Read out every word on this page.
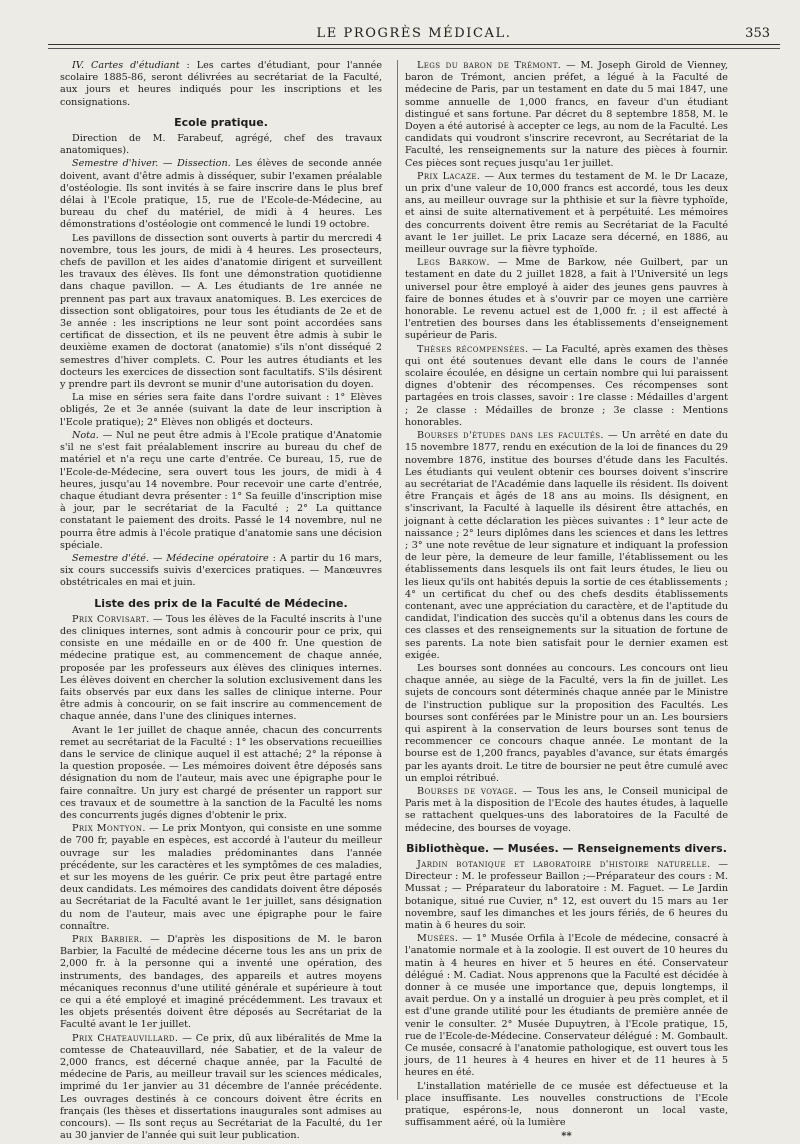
LE PROGRÈS MÉDICAL.	353

IV. Cartes d'étudiant : Les cartes d'étudiant, pour l'année scolaire 1885-86, seront délivrées au secrétariat de la Faculté, aux jours et heures indiqués pour les inscriptions et les consignations.

Ecole pratique.

Direction de M. Farabeuf, agrégé, chef des travaux anatomiques).

Semestre d'hiver. — Dissection. Les élèves de seconde année doivent, avant d'être admis à disséquer, subir l'examen préalable d'ostéologie. Ils sont invités à se faire inscrire dans le plus bref délai à l'Ecole pratique, 15, rue de l'Ecole-de-Médecine, au bureau du chef du matériel, de midi à 4 heures. Les démonstrations d'ostéologie ont commencé le lundi 19 octobre.

Les pavillons de dissection sont ouverts à partir du mercredi 4 novembre, tous les jours, de midi à 4 heures. Les prosecteurs, chefs de pavillon et les aides d'anatomie dirigent et surveillent les travaux des élèves. Ils font une démonstration quotidienne dans chaque pavillon. — A. Les étudiants de 1re année ne prennent pas part aux travaux anatomiques. B. Les exercices de dissection sont obligatoires, pour tous les étudiants de 2e et de 3e année : les inscriptions ne leur sont point accordées sans certificat de dissection, et ils ne peuvent être admis à subir le deuxième examen de doctorat (anatomie) s'ils n'ont disséqué 2 semestres d'hiver complets. C. Pour les autres étudiants et les docteurs les exercices de dissection sont facultatifs. S'ils désirent y prendre part ils devront se munir d'une autorisation du doyen.

La mise en séries sera faite dans l'ordre suivant : 1° Elèves obligés, 2e et 3e année (suivant la date de leur inscription à l'Ecole pratique); 2° Elèves non obligés et docteurs.

Nota. — Nul ne peut être admis à l'Ecole pratique d'Anatomie s'il ne s'est fait préalablement inscrire au bureau du chef de matériel et n'a reçu une carte d'entrée. Ce bureau, 15, rue de l'Ecole-de-Médecine, sera ouvert tous les jours, de midi à 4 heures, jusqu'au 14 novembre. Pour recevoir une carte d'entrée, chaque étudiant devra présenter : 1° Sa feuille d'inscription mise à jour, par le secrétariat de la Faculté ; 2° La quittance constatant le paiement des droits. Passé le 14 novembre, nul ne pourra être admis à l'école pratique d'anatomie sans une décision spéciale.

Semestre d'été. — Médecine opératoire : A partir du 16 mars, six cours successifs suivis d'exercices pratiques. — Manœuvres obstétricales en mai et juin.

Liste des prix de la Faculté de Médecine.

Prix Corvisart. — Tous les élèves de la Faculté inscrits à l'une des cliniques internes, sont admis à concourir pour ce prix, qui consiste en une médaille en or de 400 fr. Une question de médecine pratique est, au commencement de chaque année, proposée par les professeurs aux élèves des cliniques internes. Les élèves doivent en chercher la solution exclusivement dans les faits observés par eux dans les salles de clinique interne. Pour être admis à concourir, on se fait inscrire au commencement de chaque année, dans l'une des cliniques internes.

Avant le 1er juillet de chaque année, chacun des concurrents remet au secrétariat de la Faculté : 1° les observations recueillies dans le service de clinique auquel il est attaché; 2° la réponse à la question proposée. — Les mémoires doivent être déposés sans désignation du nom de l'auteur, mais avec une épigraphe pour le faire connaître. Un jury est chargé de présenter un rapport sur ces travaux et de soumettre à la sanction de la Faculté les noms des concurrents jugés dignes d'obtenir le prix.

Prix Montyon. — Le prix Montyon, qui consiste en une somme de 700 fr, payable en espèces, est accordé à l'auteur du meilleur ouvrage sur les maladies prédominantes dans l'année précédente, sur les caractères et les symptômes de ces maladies, et sur les moyens de les guérir. Ce prix peut être partagé entre deux candidats. Les mémoires des candidats doivent être déposés au Secrétariat de la Faculté avant le 1er juillet, sans désignation du nom de l'auteur, mais avec une épigraphe pour le faire connaître.

Prix Barbier. — D'après les dispositions de M. le baron Barbier, la Faculté de médecine décerne tous les ans un prix de 2,000 fr. à la personne qui a inventé une opération, des instruments, des bandages, des appareils et autres moyens mécaniques reconnus d'une utilité générale et supérieure à tout ce qui a été employé et imaginé précédemment. Les travaux et les objets présentés doivent être déposés au Secrétariat de la Faculté avant le 1er juillet.

Prix Chateauvillard. — Ce prix, dû aux libéralités de Mme la comtesse de Chateauvillard, née Sabatier, et de la valeur de 2,000 francs, est décerné chaque année, par la Faculté de médecine de Paris, au meilleur travail sur les sciences médicales, imprimé du 1er janvier au 31 décembre de l'année précédente. Les ouvrages destinés à ce concours doivent être écrits en français (les thèses et dissertations inaugurales sont admises au concours). — Ils sont reçus au Secrétariat de la Faculté, du 1er au 30 janvier de l'année qui suit leur publication.

Legs du baron de Trémont. — M. Joseph Girold de Vienney, baron de Trémont, ancien préfet, a légué à la Faculté de médecine de Paris, par un testament en date du 5 mai 1847, une somme annuelle de 1,000 francs, en faveur d'un étudiant distingué et sans fortune. Par décret du 8 septembre 1858, M. le Doyen a été autorisé à accepter ce legs, au nom de la Faculté. Les candidats qui voudront s'inscrire recevront, au Secrétariat de la Faculté, les renseignements sur la nature des pièces à fournir. Ces pièces sont reçues jusqu'au 1er juillet.

Prix Lacaze. — Aux termes du testament de M. le Dr Lacaze, un prix d'une valeur de 10,000 francs est accordé, tous les deux ans, au meilleur ouvrage sur la phthisie et sur la fièvre typhoïde, et ainsi de suite alternativement et à perpétuité. Les mémoires des concurrents doivent être remis au Secrétariat de la Faculté avant le 1er juillet. Le prix Lacaze sera décerné, en 1886, au meilleur ouvrage sur la fièvre typhoïde.

Legs Barkow. — Mme de Barkow, née Guilbert, par un testament en date du 2 juillet 1828, a fait à l'Université un legs universel pour être employé à aider des jeunes gens pauvres à faire de bonnes études et à s'ouvrir par ce moyen une carrière honorable. Le revenu actuel est de 1,000 fr. ; il est affecté à l'entretien des bourses dans les établissements d'enseignement supérieur de Paris.

Thèses récompensées. — La Faculté, après examen des thèses qui ont été soutenues devant elle dans le cours de l'année scolaire écoulée, en désigne un certain nombre qui lui paraissent dignes d'obtenir des récompenses. Ces récompenses sont partagées en trois classes, savoir : 1re classe : Médailles d'argent ; 2e classe : Médailles de bronze ; 3e classe : Mentions honorables.

Bourses d'études dans les facultés. — Un arrêté en date du 15 novembre 1877, rendu en exécution de la loi de finances du 29 novembre 1876, institue des bourses d'étude dans les Facultés. Les étudiants qui veulent obtenir ces bourses doivent s'inscrire au secrétariat de l'Académie dans laquelle ils résident. Ils doivent être Français et âgés de 18 ans au moins. Ils désignent, en s'inscrivant, la Faculté à laquelle ils désirent être attachés, en joignant à cette déclaration les pièces suivantes : 1° leur acte de naissance ; 2° leurs diplômes dans les sciences et dans les lettres ; 3° une note revêtue de leur signature et indiquant la profession de leur père, la demeure de leur famille, l'établissement ou les établissements dans lesquels ils ont fait leurs études, le lieu ou les lieux qu'ils ont habités depuis la sortie de ces établissements ; 4° un certificat du chef ou des chefs desdits établissements contenant, avec une appréciation du caractère, et de l'aptitude du candidat, l'indication des succès qu'il a obtenus dans les cours de ces classes et des renseignements sur la situation de fortune de ses parents. La note bien satisfait pour le dernier examen est exigée.

Les bourses sont données au concours. Les concours ont lieu chaque année, au siège de la Faculté, vers la fin de juillet. Les sujets de concours sont déterminés chaque année par le Ministre de l'instruction publique sur la proposition des Facultés. Les bourses sont conférées par le Ministre pour un an. Les boursiers qui aspirent à la conservation de leurs bourses sont tenus de recommencer ce concours chaque année. Le montant de la bourse est de 1,200 francs, payables d'avance, sur états émargés par les ayants droit. Le titre de boursier ne peut être cumulé avec un emploi rétribué.

Bourses de voyage. — Tous les ans, le Conseil municipal de Paris met à la disposition de l'Ecole des hautes études, à laquelle se rattachent quelques-uns des laboratoires de la Faculté de médecine, des bourses de voyage.

Bibliothèque. — Musées. — Renseignements divers.

Jardin botanique et laboratoire d'histoire naturelle. — Directeur : M. le professeur Baillon ;—Préparateur des cours : M. Mussat ; — Préparateur du laboratoire : M. Faguet. — Le Jardin botanique, situé rue Cuvier, n° 12, est ouvert du 15 mars au 1er novembre, sauf les dimanches et les jours fériés, de 6 heures du matin à 6 heures du soir.

Musées. — 1° Musée Orfila à l'Ecole de médecine, consacré à l'anatomie normale et à la zoologie. Il est ouvert de 10 heures du matin à 4 heures en hiver et 5 heures en été. Conservateur délégué : M. Cadiat. Nous apprenons que la Faculté est décidée à donner à ce musée une importance que, depuis longtemps, il avait perdue. On y a installé un droguier à peu près complet, et il est d'une grande utilité pour les étudiants de première année de venir le consulter. 2° Musée Dupuytren, à l'Ecole pratique, 15, rue de l'Ecole-de-Médecine. Conservateur délégué : M. Gombault. Ce musée, consacré à l'anatomie pathologique, est ouvert tous les jours, de 11 heures à 4 heures en hiver et de 11 heures à 5 heures en été.

L'installation matérielle de ce musée est défectueuse et la place insuffisante. Les nouvelles constructions de l'Ecole pratique, espérons-le, nous donneront un local vaste, suffisamment aéré, où la lumière

**
